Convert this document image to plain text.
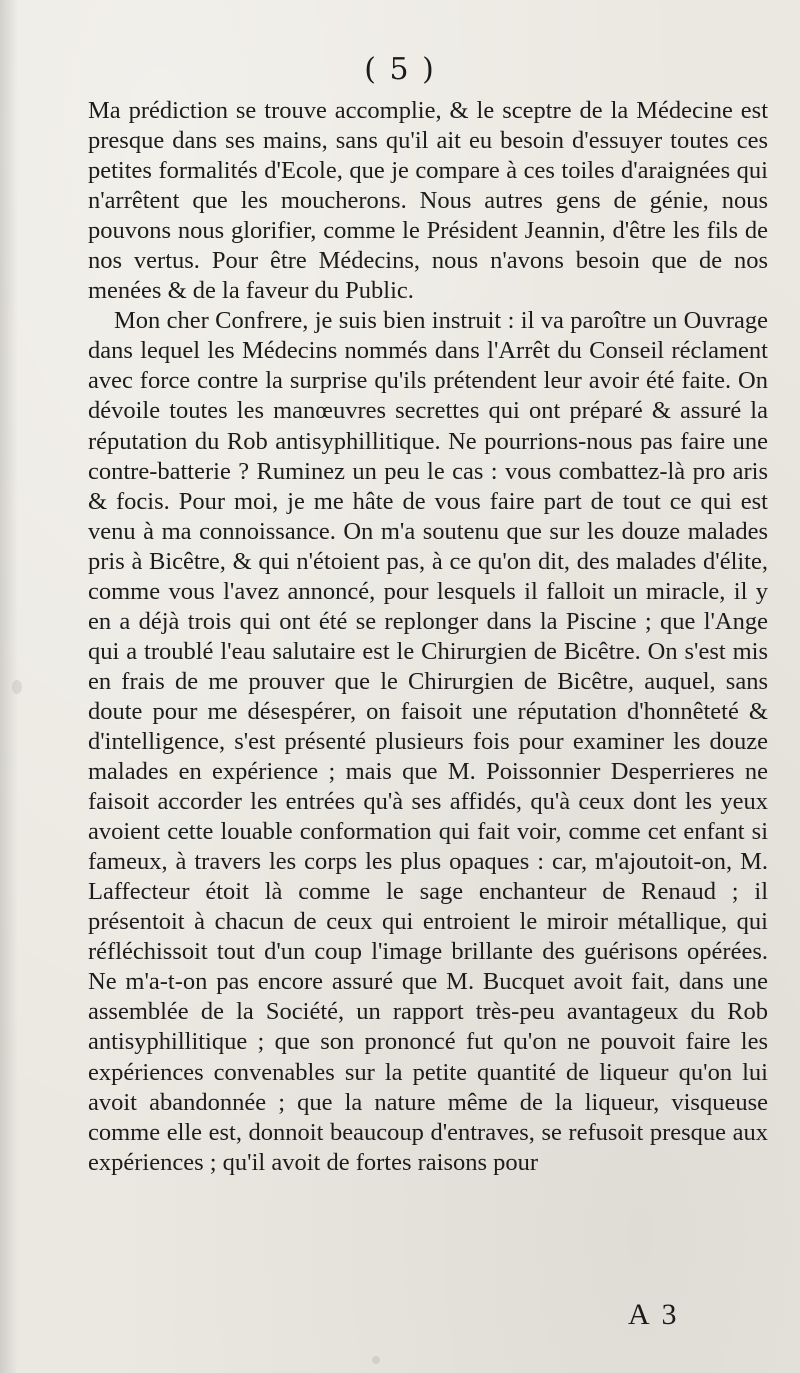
( 5 )

Ma prédiction se trouve accomplie, & le sceptre de la Médecine est presque dans ses mains, sans qu'il ait eu besoin d'essuyer toutes ces petites formalités d'Ecole, que je compare à ces toiles d'araignées qui n'arrêtent que les moucherons. Nous autres gens de génie, nous pouvons nous glorifier, comme le Président Jeannin, d'être les fils de nos vertus. Pour être Médecins, nous n'avons besoin que de nos menées & de la faveur du Public.

Mon cher Confrere, je suis bien instruit : il va paroître un Ouvrage dans lequel les Médecins nommés dans l'Arrêt du Conseil réclament avec force contre la surprise qu'ils prétendent leur avoir été faite. On dévoile toutes les manœuvres secrettes qui ont préparé & assuré la réputation du Rob antisyphillitique. Ne pourrions-nous pas faire une contre-batterie ? Ruminez un peu le cas : vous combattez-là pro aris & focis. Pour moi, je me hâte de vous faire part de tout ce qui est venu à ma connoissance. On m'a soutenu que sur les douze malades pris à Bicêtre, & qui n'étoient pas, à ce qu'on dit, des malades d'élite, comme vous l'avez annoncé, pour lesquels il falloit un miracle, il y en a déjà trois qui ont été se replonger dans la Piscine ; que l'Ange qui a troublé l'eau salutaire est le Chirurgien de Bicêtre. On s'est mis en frais de me prouver que le Chirurgien de Bicêtre, auquel, sans doute pour me désespérer, on faisoit une réputation d'honnêteté & d'intelligence, s'est présenté plusieurs fois pour examiner les douze malades en expérience ; mais que M. Poissonnier Desperrieres ne faisoit accorder les entrées qu'à ses affidés, qu'à ceux dont les yeux avoient cette louable conformation qui fait voir, comme cet enfant si fameux, à travers les corps les plus opaques : car, m'ajoutoit-on, M. Laffecteur étoit là comme le sage enchanteur de Renaud ; il présentoit à chacun de ceux qui entroient le miroir métallique, qui réfléchissoit tout d'un coup l'image brillante des guérisons opérées. Ne m'a-t-on pas encore assuré que M. Bucquet avoit fait, dans une assemblée de la Société, un rapport très-peu avantageux du Rob antisyphillitique ; que son prononcé fut qu'on ne pouvoit faire les expériences convenables sur la petite quantité de liqueur qu'on lui avoit abandonnée ; que la nature même de la liqueur, visqueuse comme elle est, donnoit beaucoup d'entraves, se refusoit presque aux expériences ; qu'il avoit de fortes raisons pour

A 3
